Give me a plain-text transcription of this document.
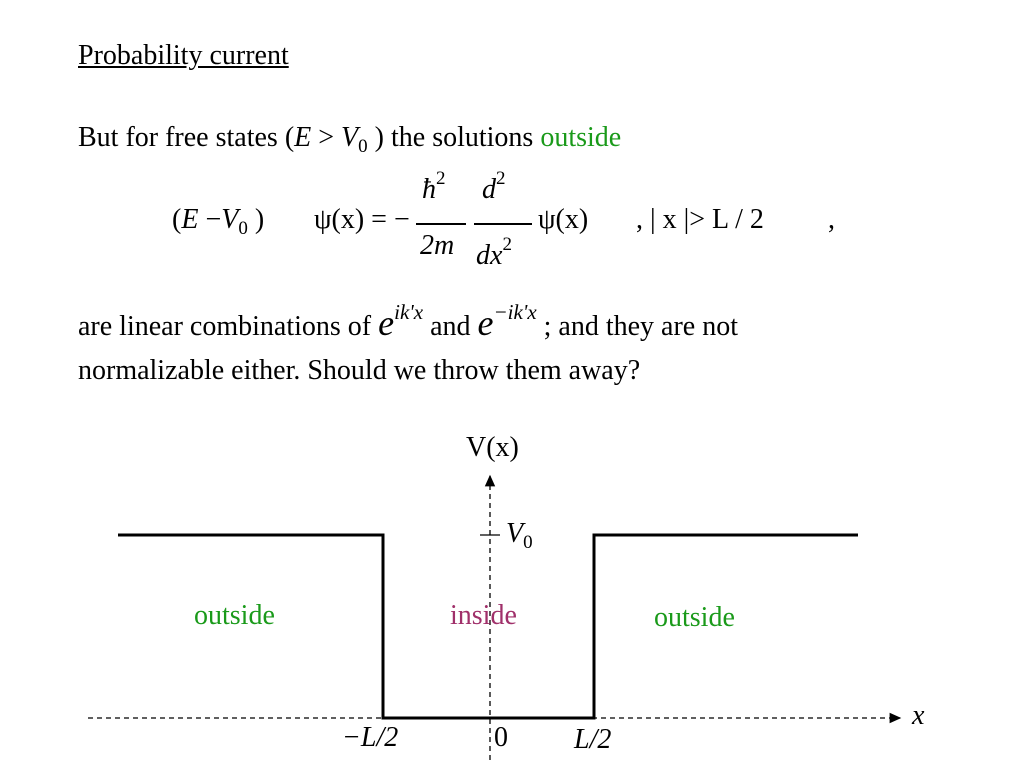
Probability current
But for free states ($E > V_0$ ) the solutions outside
($E -V_0$ ) ψ(x) = −
$ħ^2$
2m
$d^2$
$dx^2$
ψ(x) , | x |> L / 2 ,
are linear combinations of $e^{ik'x}$ and $e^{-ik'x}$ ; and they are not
normalizable either. Should we throw them away?
V(x)
$V_0$
x
outside	inside	outside
−L/2	0 L/2
